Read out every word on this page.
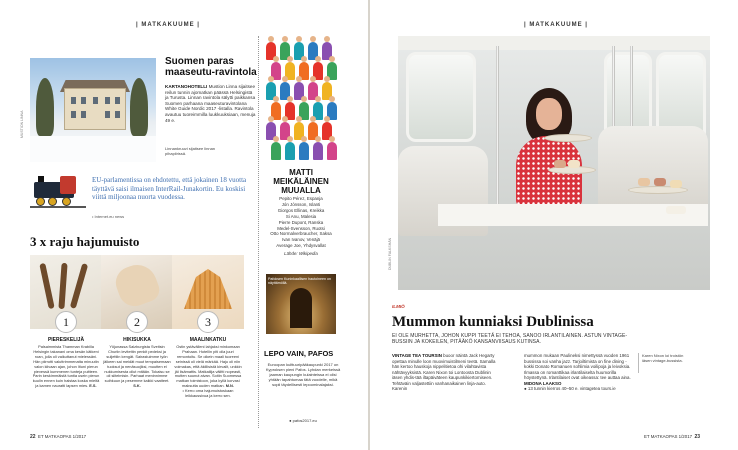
| MATKAKUUME |
MUSTION LINNA
Suomen paras maaseutu-ravintola
KARTANOHOTELLI Mustion Linna sijaitsee reilun tunnin ajomatkan päässä Helsingistä ja Turusta. Linnan ravintola sälytti paikkansa Suomen parhaana maaseuturavintolana White Guide Nordic 2017 -listalla. Ravintola avautuu tuoreimmilla luukkuuksiaan, menuja 49 e.
Linnankruuvi sijaitsee linnan pihapiirissä.
EU-parlamentissa on ehdotettu, että jokainen 18 vuotta täyttävä saisi ilmaisen InterRail-Junakortin. Eu koskisi viittä miljoonaa nuorta vuodessa.
• Internet.eu news
3 x raju hajumuisto
1	2	3
PIERESKELIJÄ
Palsaimmista Thamman Krabilla Helsingin takanani oma kesän kätkeni roan, jolla oli vaikuttanut mielessäni. Hän piirrotti valuttrimmenatta minuutin valon kiivaan ajan, johon lituni pierun pievessä kummenen tunteja puitteen. Parin keskimmäistä tuntia usein pierun kuulin ennen kuin haistaa koska mieltä ja kamen nauratti lapsen mies. E.S.
HIKISUKKA
Yöjunassa Salzburgista Sveitsin Churiin levitettin penkit pedeksi ja suljettiin kengät. Sairastuimme työn jälkeen sai meidät muut tempaisemaan tuoksut ja nenäsuojiksi, muutten ei nukkumisesta ollut mitään. Tokaisu se oli siitelmisin. Parhaat meninnimme suihkuun ja pesemme kaikki vaatteet. S.K.
MAALINKATKU
Ostin ystävälleni lahjaksi minkomaan Prahaan. Hotellin piti olla juuri remontoitu. Se oikein maali tuoreeni seinissä oli vielä märkää. Haju oli niin voimakas, että äkillisistä kirvailt, unkkin jäi lisämattis. Matkailija välitti nopeasti, mutten suunut aivan. Soitin Suomessa matkan toimistoon, joka kyllä korvasi maksutta uuden matkan. M.N.
• Kerro oma hajumuistoskaan leikkaussivua ja kerro sen.
MATTI MEIKÄLÄINEN MUUALLA
Pepito Pérez, Espanja
Jón Jónsson, Islanti
Giorgos Ellinas, Kreikka
Si Anu, Malesia
Pierre Dupont, Ranska
Medel-Svensson, Ruotsi
Otto Normalverbraucher, Saksa
Ivan Ivanov, Venäjä
Average Joe, Yhdysvallat
Lähde: Wikipedia
Pafoksen Kuninkaallisen hautoineen on näyttämöllä.
LEPO VAIN, PAFOS
Euroopan kulttuuripääkaupunki 2017 on Kyproksen pieni Pafos. Lyhdan merkeissä jaaman kaupungin kulainteissa ei olisi yhtään tapahtumaa tätä vuodelle, mikä sopii täydellisesti lepoominalajaksi.
● pafos2017.eu
22 ET MATKAOPAS 1/2017
| MATKAKUUME |
DUBLIN FALKSHÄN
ILMIÖ
Mummon kunniaksi Dublinissa
EI OLE MURHETTA, JOHON KUPPI TEETÄ EI TEHOA, SANOO IRLANTILAINEN. ASTUN VINTAGE-BUSSIIN JA KOKEILEN, PITÄÄKÖ KANSANVIISAUS KUTINSA.
VINTAGE TEA TOURSIN buoor näintä Jack Hegarty opettaa minulle loon muovimuistilmeni teetä. Samalla hän kertoo hauskoja nippelitietoa ohi vilahtavista nähtävyyksistä. Karen Nixon toi Lontoosta Dublinin iäsen yhdis-tää iltapäiväteen kaupunkikiertomiseen. Tehtäväin valjastettiin vanhanaikainen linja-auto. Karenin
mummon mukaan Paulineksi nimettyssä vuoden 1961 bussissa soi vanha jazz. Tarjoiltimista on fine dining -kokki Donato Romanuen sohlimia voilipoja ja leivoksia. Ilmassa on romanttikaa irlantilaiselta huumorilla höystettynä. Irlantilaiset ovat oikeassa: tee auttaa aina. MIDONA LAAKSO
● 13 tunnin kierros 40–50 e. vintagetea tours.ie
Karen Nixon loi troistön iäsen vintage-bussista.
ET MATKAOPAS 1/2017 23
